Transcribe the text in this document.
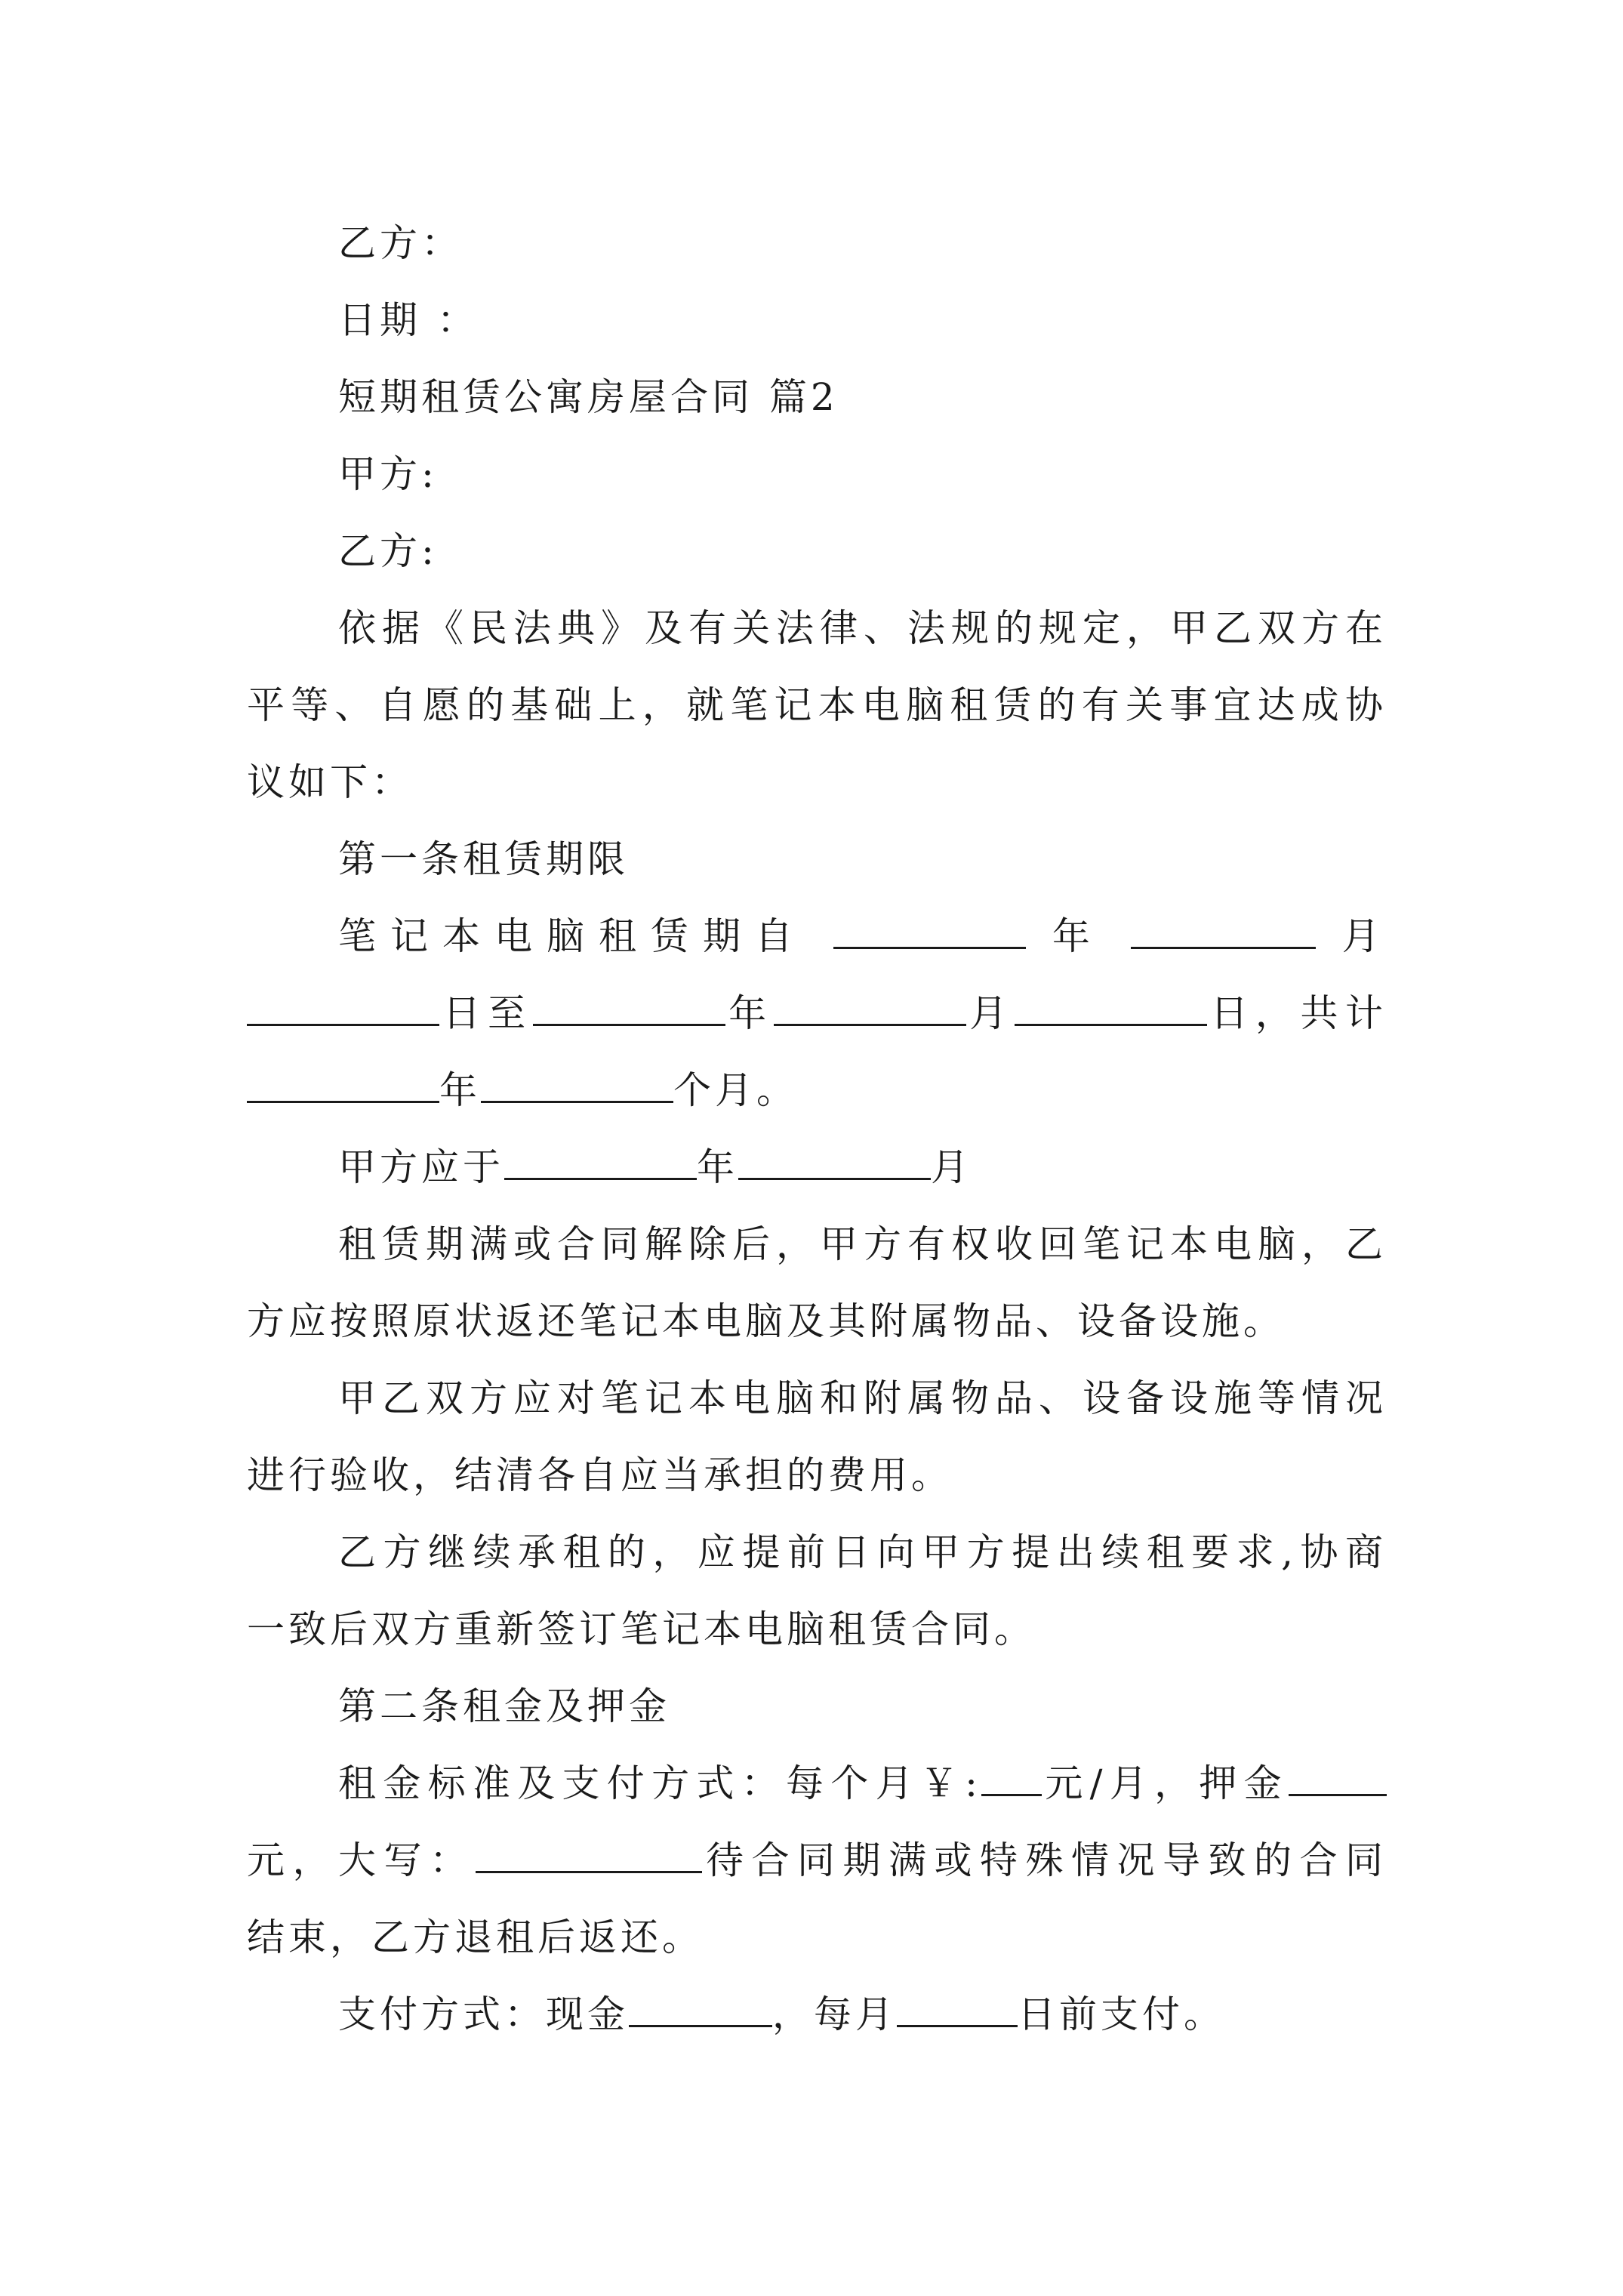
乙方：
日期 ：
短期租赁公寓房屋合同 篇2
甲方:
乙方:
依据《民法典》及有关法律、法规的规定，甲乙双方在
平等、自愿的基础上，就笔记本电脑租赁的有关事宜达成协
议如下：
第一条租赁期限
笔记本电脑租赁期自	年	月
日至	年	月	日，共计
年	个月。
甲方应于	年	月
租赁期满或合同解除后，甲方有权收回笔记本电脑，乙
方应按照原状返还笔记本电脑及其附属物品、设备设施。
甲乙双方应对笔记本电脑和附属物品、设备设施等情况
进行验收，结清各自应当承担的费用。
乙方继续承租的，应提前日向甲方提出续租要求,协商
一致后双方重新签订笔记本电脑租赁合同。
第二条租金及押金
租金标准及支付方式：每个月￥: 元/月，押金
元，大写：	待合同期满或特殊情况导致的合同
结束，乙方退租后返还。
支付方式：现金	，每月	日前支付。
